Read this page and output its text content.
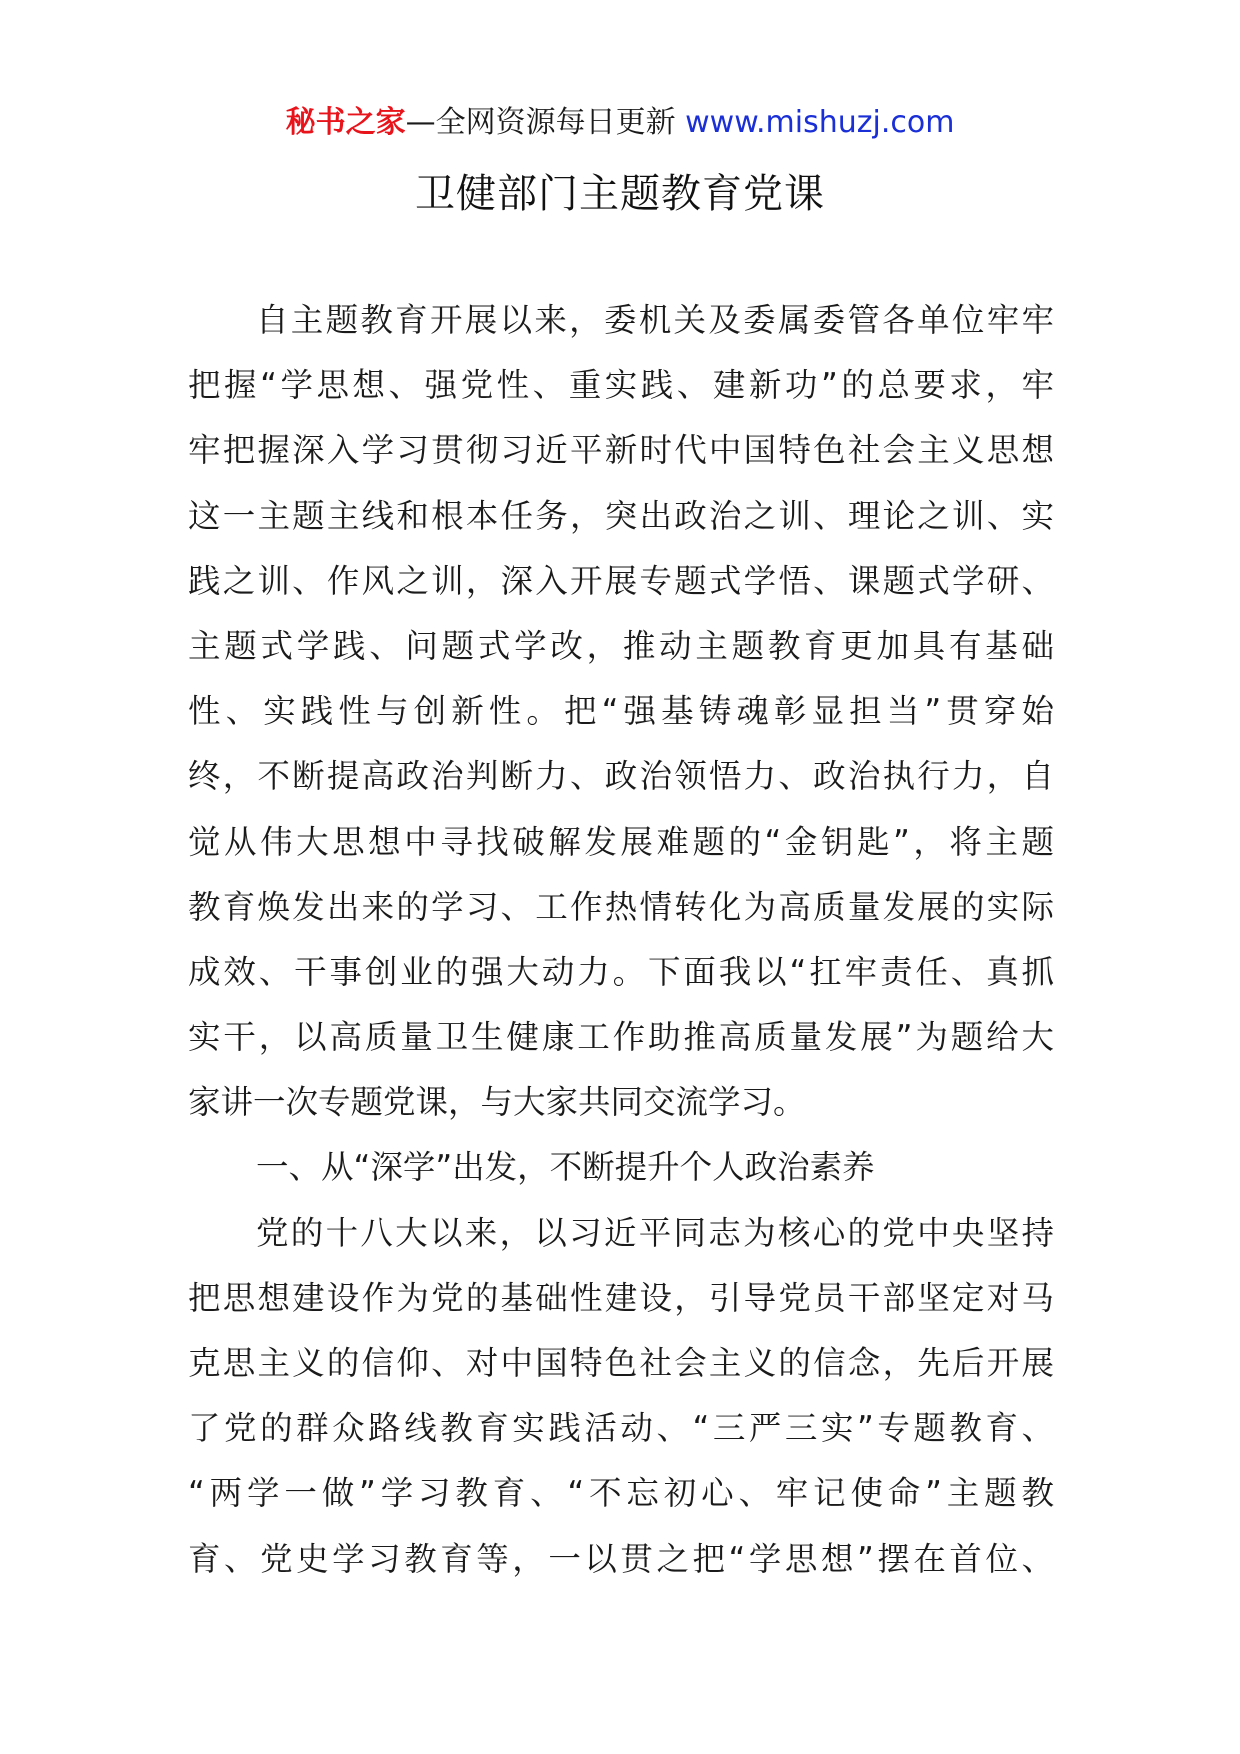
秘书之家—全网资源每日更新 www.mishuzj.com
卫健部门主题教育党课
自主题教育开展以来，委机关及委属委管各单位牢牢
把握“学思想、强党性、重实践、建新功”的总要求，牢
牢把握深入学习贯彻习近平新时代中国特色社会主义思想
这一主题主线和根本任务，突出政治之训、理论之训、实
践之训、作风之训，深入开展专题式学悟、课题式学研、
主题式学践、问题式学改，推动主题教育更加具有基础
性、实践性与创新性。把“强基铸魂彰显担当”贯穿始
终，不断提高政治判断力、政治领悟力、政治执行力，自
觉从伟大思想中寻找破解发展难题的“金钥匙”，将主题
教育焕发出来的学习、工作热情转化为高质量发展的实际
成效、干事创业的强大动力。下面我以“扛牢责任、真抓
实干，以高质量卫生健康工作助推高质量发展”为题给大
家讲一次专题党课，与大家共同交流学习。
一、从“深学”出发，不断提升个人政治素养
党的十八大以来，以习近平同志为核心的党中央坚持
把思想建设作为党的基础性建设，引导党员干部坚定对马
克思主义的信仰、对中国特色社会主义的信念，先后开展
了党的群众路线教育实践活动、“三严三实”专题教育、
“两学一做”学习教育、“不忘初心、牢记使命”主题教
育、党史学习教育等，一以贯之把“学思想”摆在首位、
